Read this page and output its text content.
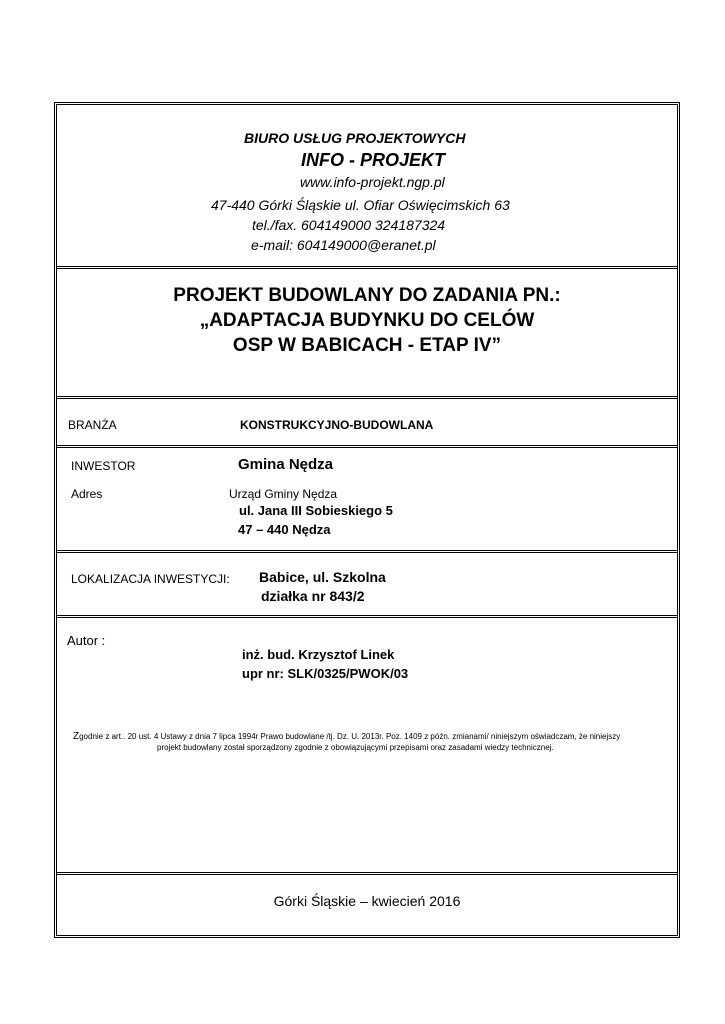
BIURO USŁUG PROJEKTOWYCH
INFO - PROJEKT
www.info-projekt.ngp.pl
47-440 Górki Śląskie ul. Ofiar Oświęcimskich 63
tel./fax. 604149000 324187324
e-mail: 604149000@eranet.pl
PROJEKT BUDOWLANY DO ZADANIA PN.:
„ADAPTACJA BUDYNKU DO CELÓW
OSP W BABICACH - ETAP IV”
BRANŻA	KONSTRUKCYJNO-BUDOWLANA
INWESTOR	Gmina Nędza
Adres	Urząd Gminy Nędza
ul. Jana III Sobieskiego 5
47 – 440 Nędza
LOKALIZACJA INWESTYCJI: Babice, ul. Szkolna
działka nr 843/2
Autor :
inż. bud. Krzysztof Linek
upr nr: SLK/0325/PWOK/03
Zgodnie z art.. 20 ust. 4 Ustawy z dnia 7 lipca 1994r Prawo budowlane /tj. Dz. U. 2013r. Poz. 1409 z późn. zmianami/ niniejszym oświadczam, że niniejszy
projekt budowlany został sporządzony zgodnie z obowiązującymi przepisami oraz zasadami wiedzy technicznej.
Górki Śląskie – kwiecień 2016
